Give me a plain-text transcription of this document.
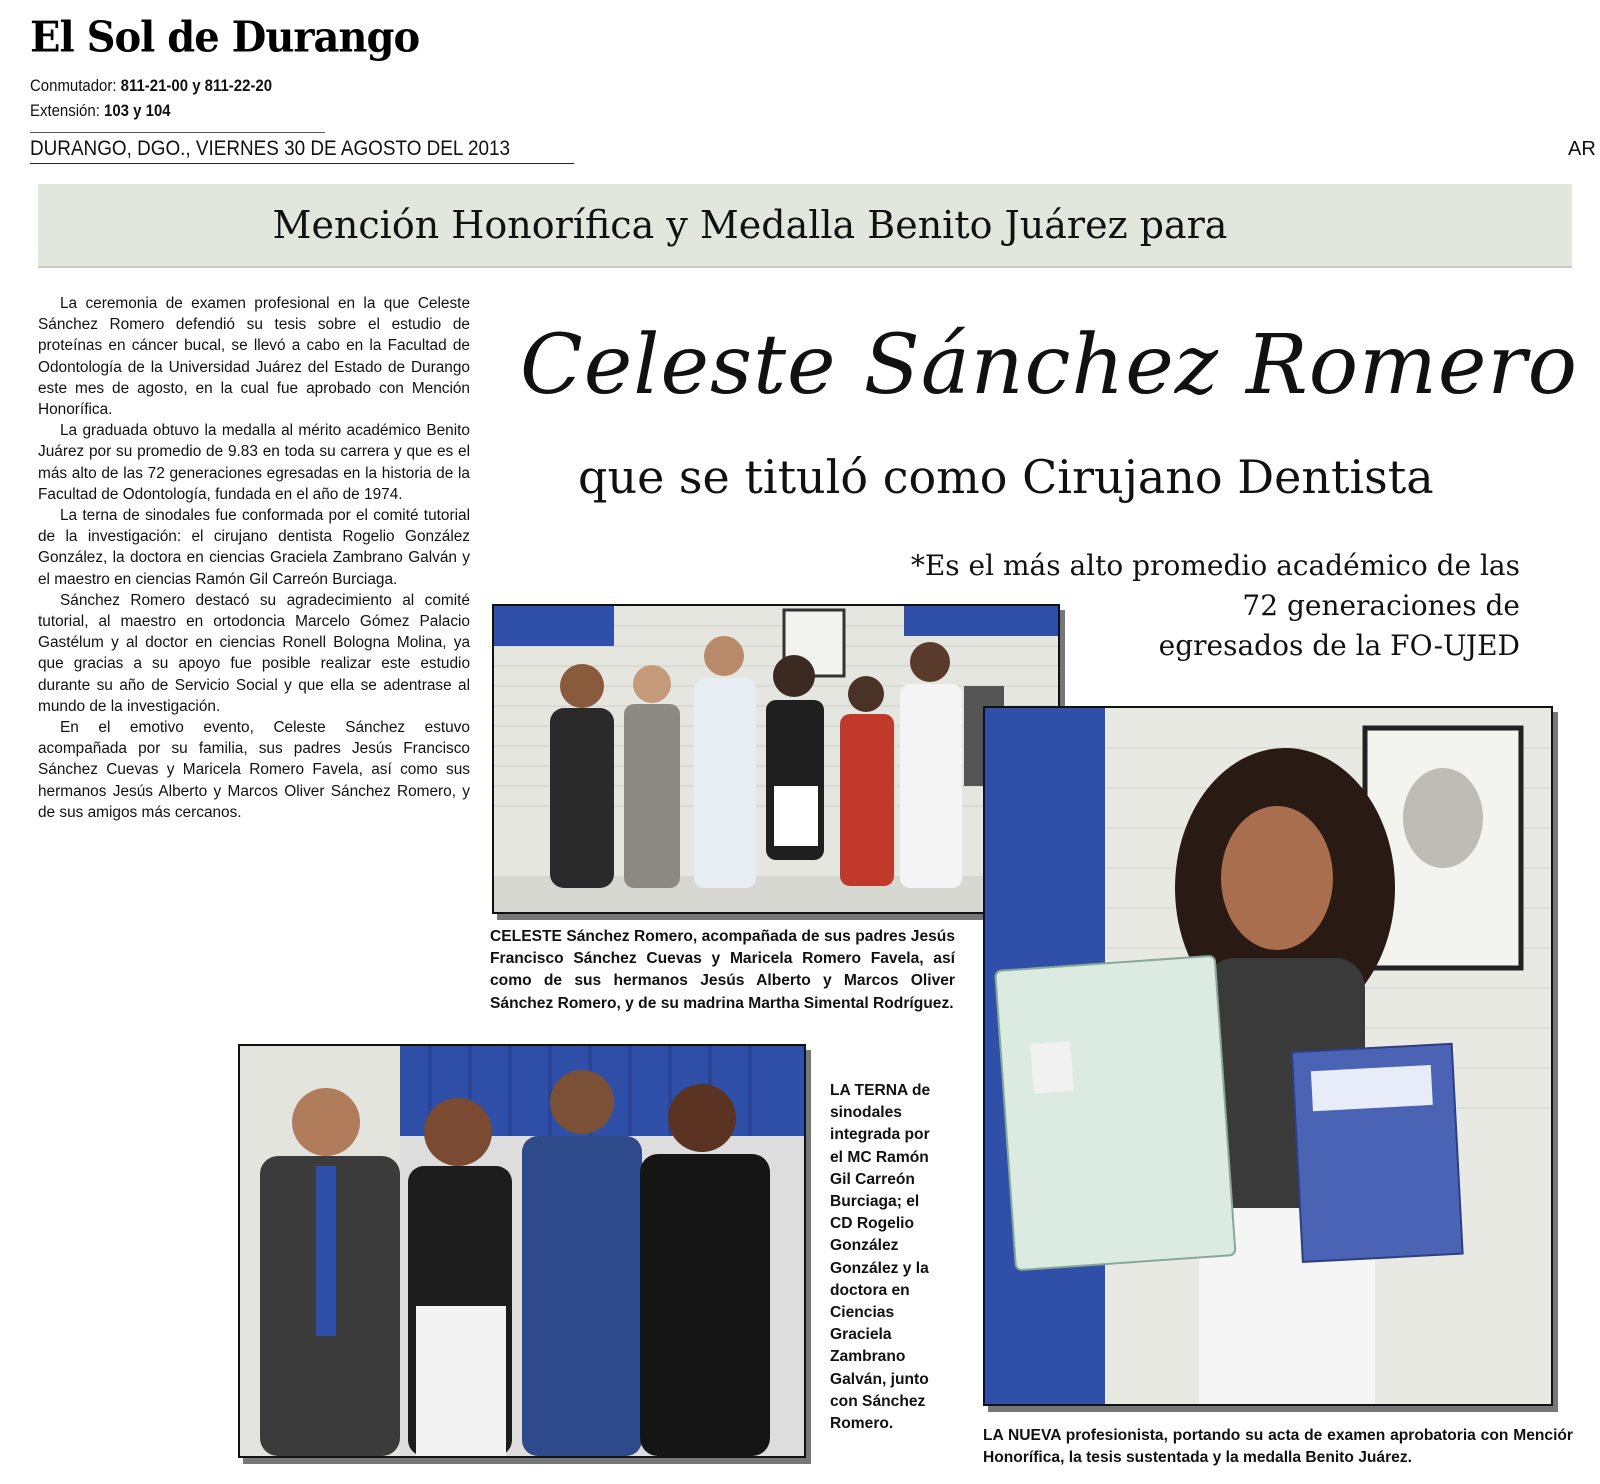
El Sol de Durango
Conmutador: 811-21-00 y 811-22-20
Extensión: 103 y 104
DURANGO, DGO., VIERNES 30 DE AGOSTO DEL 2013	AR
Mención Honorífica y Medalla Benito Juárez para

La ceremonia de examen profesional en la que Celeste Sánchez Romero defendió su tesis sobre el estudio de proteínas en cáncer bucal, se llevó a cabo en la Facultad de Odontología de la Universidad Juárez del Estado de Durango este mes de agosto, en la cual fue aprobado con Mención Honorífica.

La graduada obtuvo la medalla al mérito académico Benito Juárez por su promedio de 9.83 en toda su carrera y que es el más alto de las 72 generaciones egresadas en la historia de la Facultad de Odontología, fundada en el año de 1974.

La terna de sinodales fue conformada por el comité tutorial de la investigación: el cirujano dentista Rogelio González González, la doctora en ciencias Graciela Zambrano Galván y el maestro en ciencias Ramón Gil Carreón Burciaga.

Sánchez Romero destacó su agradecimiento al comité tutorial, al maestro en ortodoncia Marcelo Gómez Palacio Gastélum y al doctor en ciencias Ronell Bologna Molina, ya que gracias a su apoyo fue posible realizar este estudio durante su año de Servicio Social y que ella se adentrase al mundo de la investigación.

En el emotivo evento, Celeste Sánchez estuvo acompañada por su familia, sus padres Jesús Francisco Sánchez Cuevas y Maricela Romero Favela, así como sus hermanos Jesús Alberto y Marcos Oliver Sánchez Romero, y de sus amigos más cercanos.

Celeste Sánchez Romero
que se tituló como Cirujano Dentista
*Es el más alto promedio académico de las
72 generaciones de
egresados de la FO-UJED
CELESTE Sánchez Romero, acompañada de sus padres Jesús Francisco Sánchez Cuevas y Maricela Romero Favela, así como de sus hermanos Jesús Alberto y Marcos Oliver Sánchez Romero, y de su madrina Martha Simental Rodríguez.
LA TERNA de sinodales integrada por el MC Ramón Gil Carreón Burciaga; el CD Rogelio González González y la doctora en Ciencias Graciela Zambrano Galván, junto con Sánchez Romero.
LA NUEVA profesionista, portando su acta de examen aprobatoria con Menciór Honorífica, la tesis sustentada y la medalla Benito Juárez.
